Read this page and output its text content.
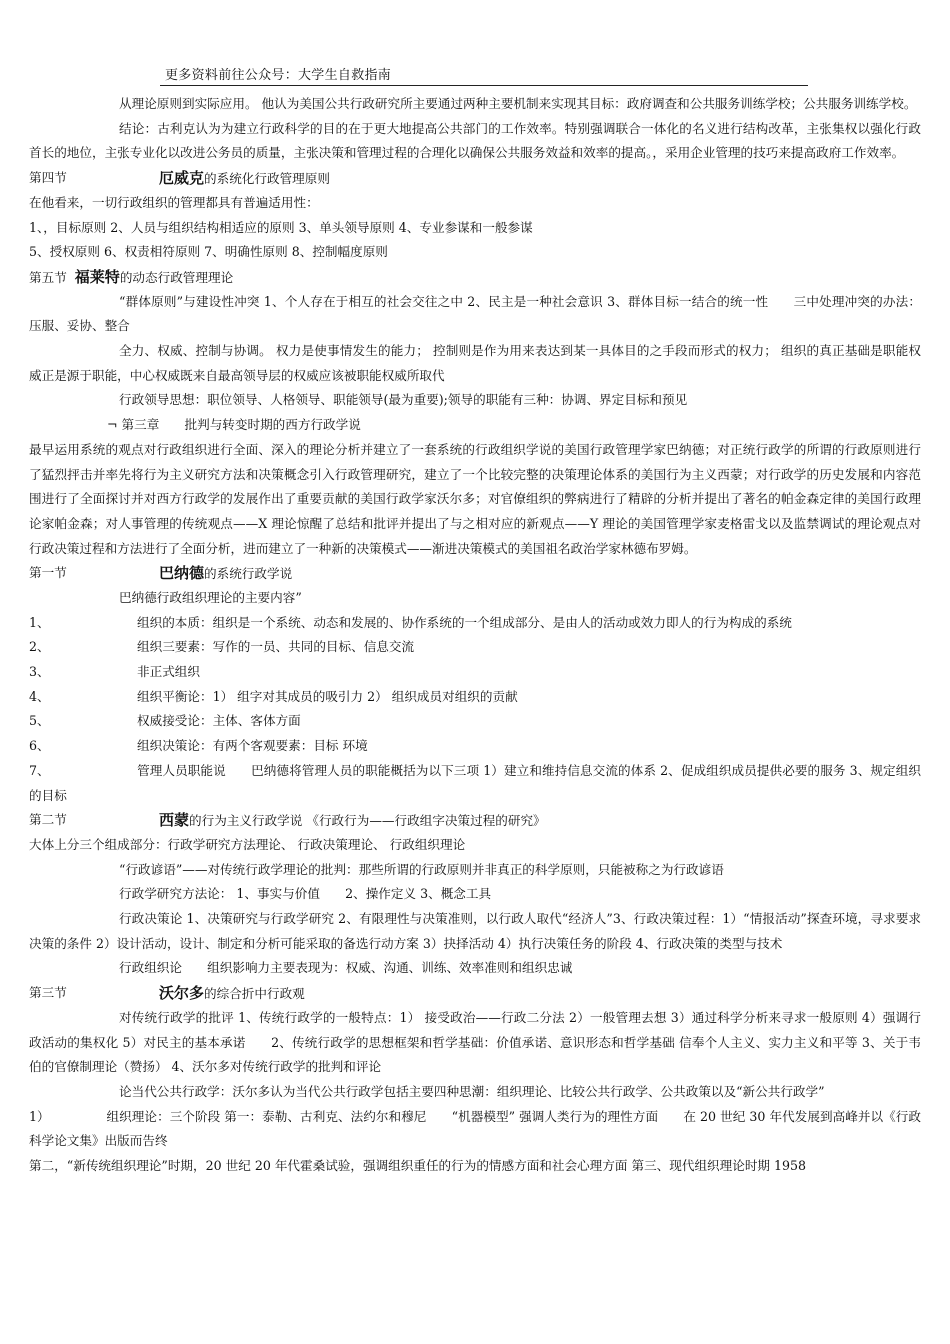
更多资料前往公众号：大学生自救指南

从理论原则到实际应用。 他认为美国公共行政研究所主要通过两种主要机制来实现其目标：政府调查和公共服务训练学校；公共服务训练学校。

结论：古利克认为为建立行政科学的目的在于更大地提高公共部门的工作效率。特别强调联合一体化的名义进行结构改革，主张集权以强化行政首长的地位，主张专业化以改进公务员的质量，主张决策和管理过程的合理化以确保公共服务效益和效率的提高。，采用企业管理的技巧来提高政府工作效率。

第四节	厄威克的系统化行政管理原则

在他看来，一切行政组织的管理都具有普遍适用性：

1、，目标原则 2、人员与组织结构相适应的原则 3、单头领导原则 4、专业参谋和一般参谋

5、授权原则 6、权责相符原则 7、明确性原则 8、控制幅度原则

第五节 福莱特的动态行政管理理论

“群体原则”与建设性冲突 1、个人存在于相互的社会交往之中 2、民主是一种社会意识 3、群体目标一结合的统一性　　三中处理冲突的办法：压服、妥协、整合

全力、权威、控制与协调。 权力是使事情发生的能力； 控制则是作为用来表达到某一具体目的之手段而形式的权力； 组织的真正基础是职能权威正是源于职能，中心权威既来自最高领导层的权威应该被职能权威所取代

行政领导思想：职位领导、人格领导、职能领导(最为重要);领导的职能有三种：协调、界定目标和预见

¬ 第三章　　批判与转变时期的西方行政学说

最早运用系统的观点对行政组织进行全面、深入的理论分析并建立了一套系统的行政组织学说的美国行政管理学家巴纳德；对正统行政学的所谓的行政原则进行了猛烈抨击并率先将行为主义研究方法和决策概念引入行政管理研究，建立了一个比较完整的决策理论体系的美国行为主义西蒙；对行政学的历史发展和内容范围进行了全面探讨并对西方行政学的发展作出了重要贡献的美国行政学家沃尔多；对官僚组织的弊病进行了精辟的分析并提出了著名的帕金森定律的美国行政理论家帕金森；对人事管理的传统观点——X 理论惊醒了总结和批评并提出了与之相对应的新观点——Y 理论的美国管理学家麦格雷戈以及监禁调试的理论观点对行政决策过程和方法进行了全面分析，进而建立了一种新的决策模式——渐进决策模式的美国祖名政治学家林德布罗姆。

第一节	巴纳德的系统行政学说

巴纳德行政组织理论的主要内容”

1、	组织的本质：组织是一个系统、动态和发展的、协作系统的一个组成部分、是由人的活动或效力即人的行为构成的系统
2、	组织三要素：写作的一员、共同的目标、信息交流
3、	非正式组织
4、	组织平衡论：1） 组字对其成员的吸引力 2） 组织成员对组织的贡献
5、	权威接受论：主体、客体方面
6、	组织决策论：有两个客观要素：目标 环境

7、	管理人员职能说　　巴纳德将管理人员的职能概括为以下三项 1）建立和维持信息交流的体系 2、促成组织成员提供必要的服务 3、规定组织的目标

第二节	西蒙的行为主义行政学说 《行政行为——行政组字决策过程的研究》

大体上分三个组成部分：行政学研究方法理论、 行政决策理论、 行政组织理论

“行政谚语”——对传统行政学理论的批判：那些所谓的行政原则并非真正的科学原则，只能被称之为行政谚语

行政学研究方法论： 1、事实与价值　　2、操作定义 3、概念工具

行政决策论 1、决策研究与行政学研究 2、有限理性与决策准则，以行政人取代“经济人”3、行政决策过程：1）“情报活动”探查环境，寻求要求决策的条件 2）设计活动，设计、制定和分析可能采取的备选行动方案 3）抉择活动 4）执行决策任务的阶段 4、行政决策的类型与技术

行政组织论　　组织影响力主要表现为：权威、沟通、训练、效率准则和组织忠诚

第三节	沃尔多的综合折中行政观

对传统行政学的批评 1、传统行政学的一般特点：1） 接受政治——行政二分法 2）一般管理去想 3）通过科学分析来寻求一般原则 4）强调行政活动的集权化 5）对民主的基本承诺　　2、传统行政学的思想框架和哲学基础：价值承诺、意识形态和哲学基础 信奉个人主义、实力主义和平等 3、关于韦伯的官僚制理论（赞扬） 4、沃尔多对传统行政学的批判和评论

论当代公共行政学：沃尔多认为当代公共行政学包括主要四种思潮：组织理论、比较公共行政学、公共政策以及“新公共行政学”

1）　　　　　组织理论：三个阶段 第一：泰勒、古利克、法约尔和穆尼　　“机器模型” 强调人类行为的理性方面　　在 20 世纪 30 年代发展到高峰并以《行政科学论文集》出版而告终

第二，“新传统组织理论”时期，20 世纪 20 年代霍桑试验，强调组织重任的行为的情感方面和社会心理方面 第三、现代组织理论时期 1958
